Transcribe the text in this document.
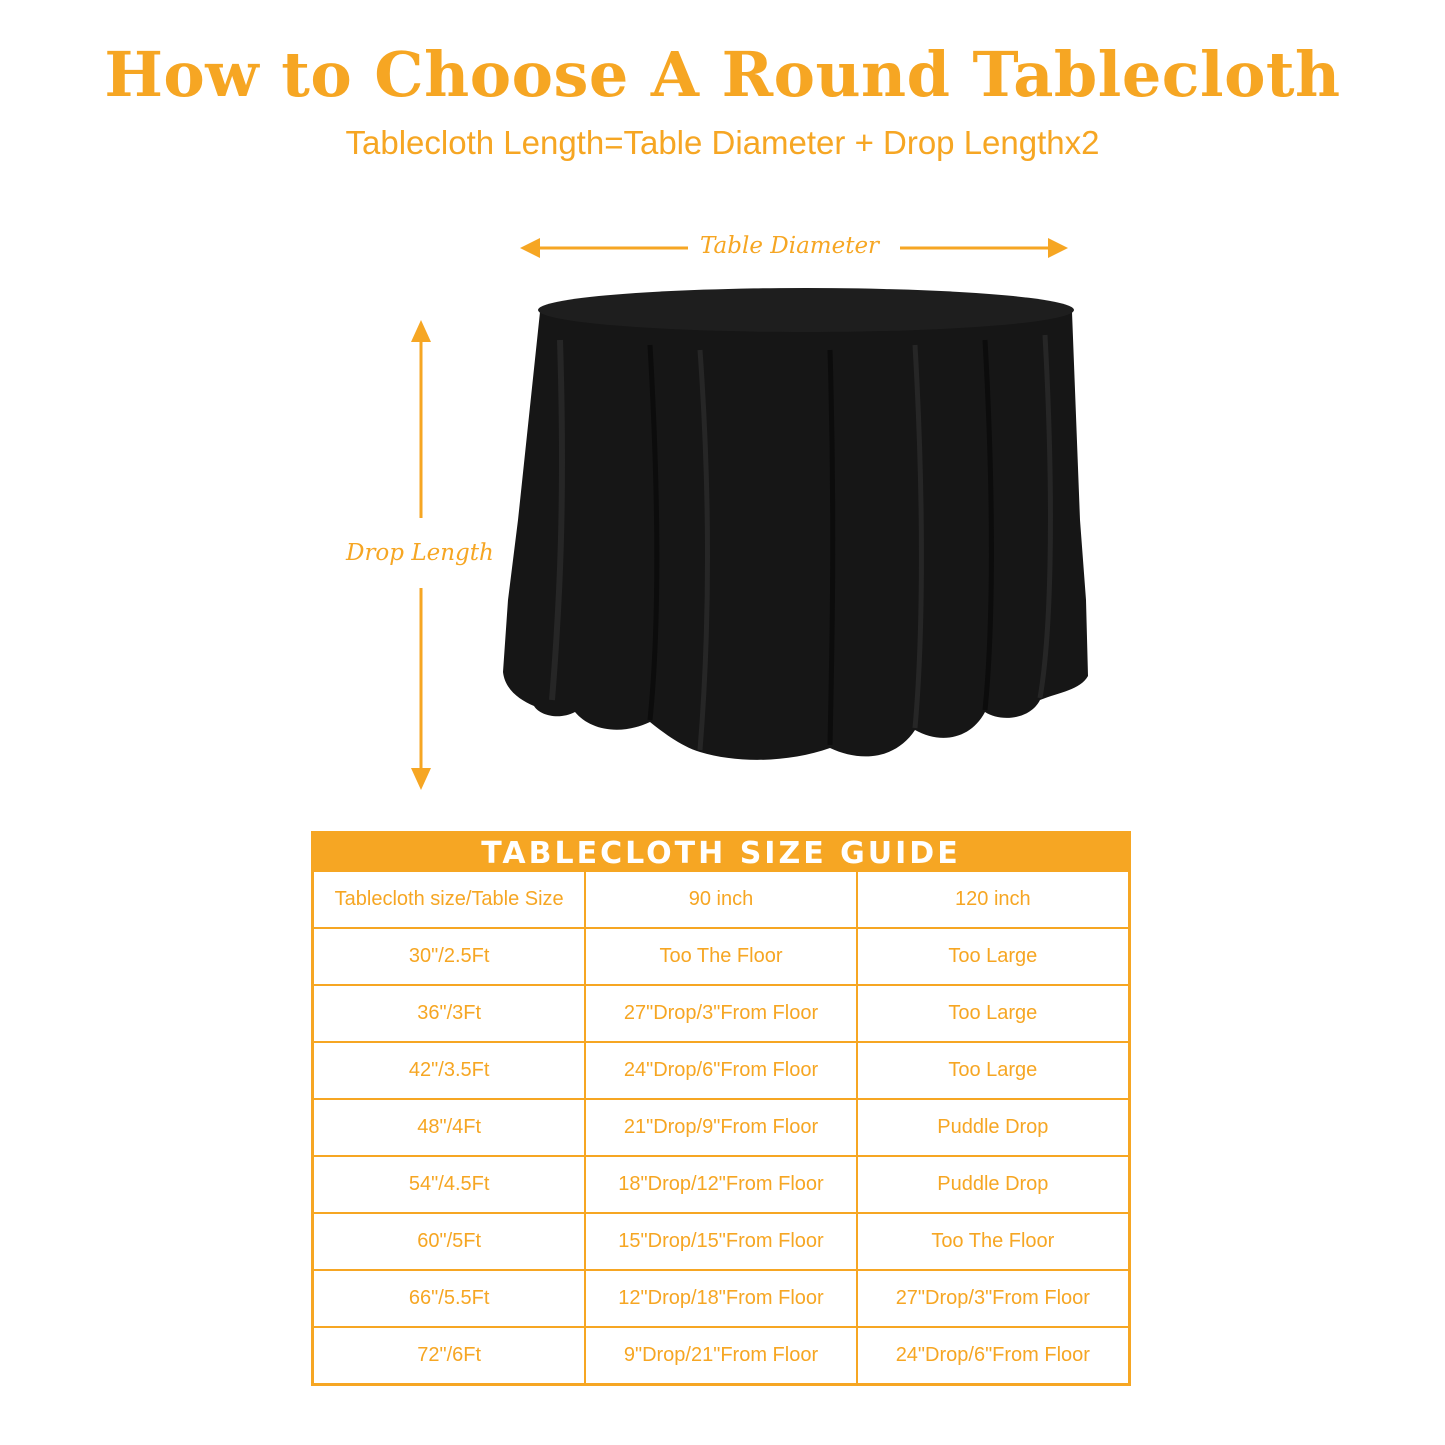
How to Choose A Round Tablecloth
Tablecloth Length=Table Diameter + Drop Lengthx2
Table Diameter
Drop Length
TABLECLOTH SIZE GUIDE
Tablecloth size/Table Size	90 inch	120 inch
30"/2.5Ft	Too The Floor	Too Large
36"/3Ft	27"Drop/3"From Floor	Too Large
42"/3.5Ft	24"Drop/6"From Floor	Too Large
48"/4Ft	21"Drop/9"From Floor	Puddle Drop
54"/4.5Ft	18"Drop/12"From Floor	Puddle Drop
60"/5Ft	15"Drop/15"From Floor	Too The Floor
66"/5.5Ft	12"Drop/18"From Floor	27"Drop/3"From Floor
72"/6Ft	9"Drop/21"From Floor	24"Drop/6"From Floor
